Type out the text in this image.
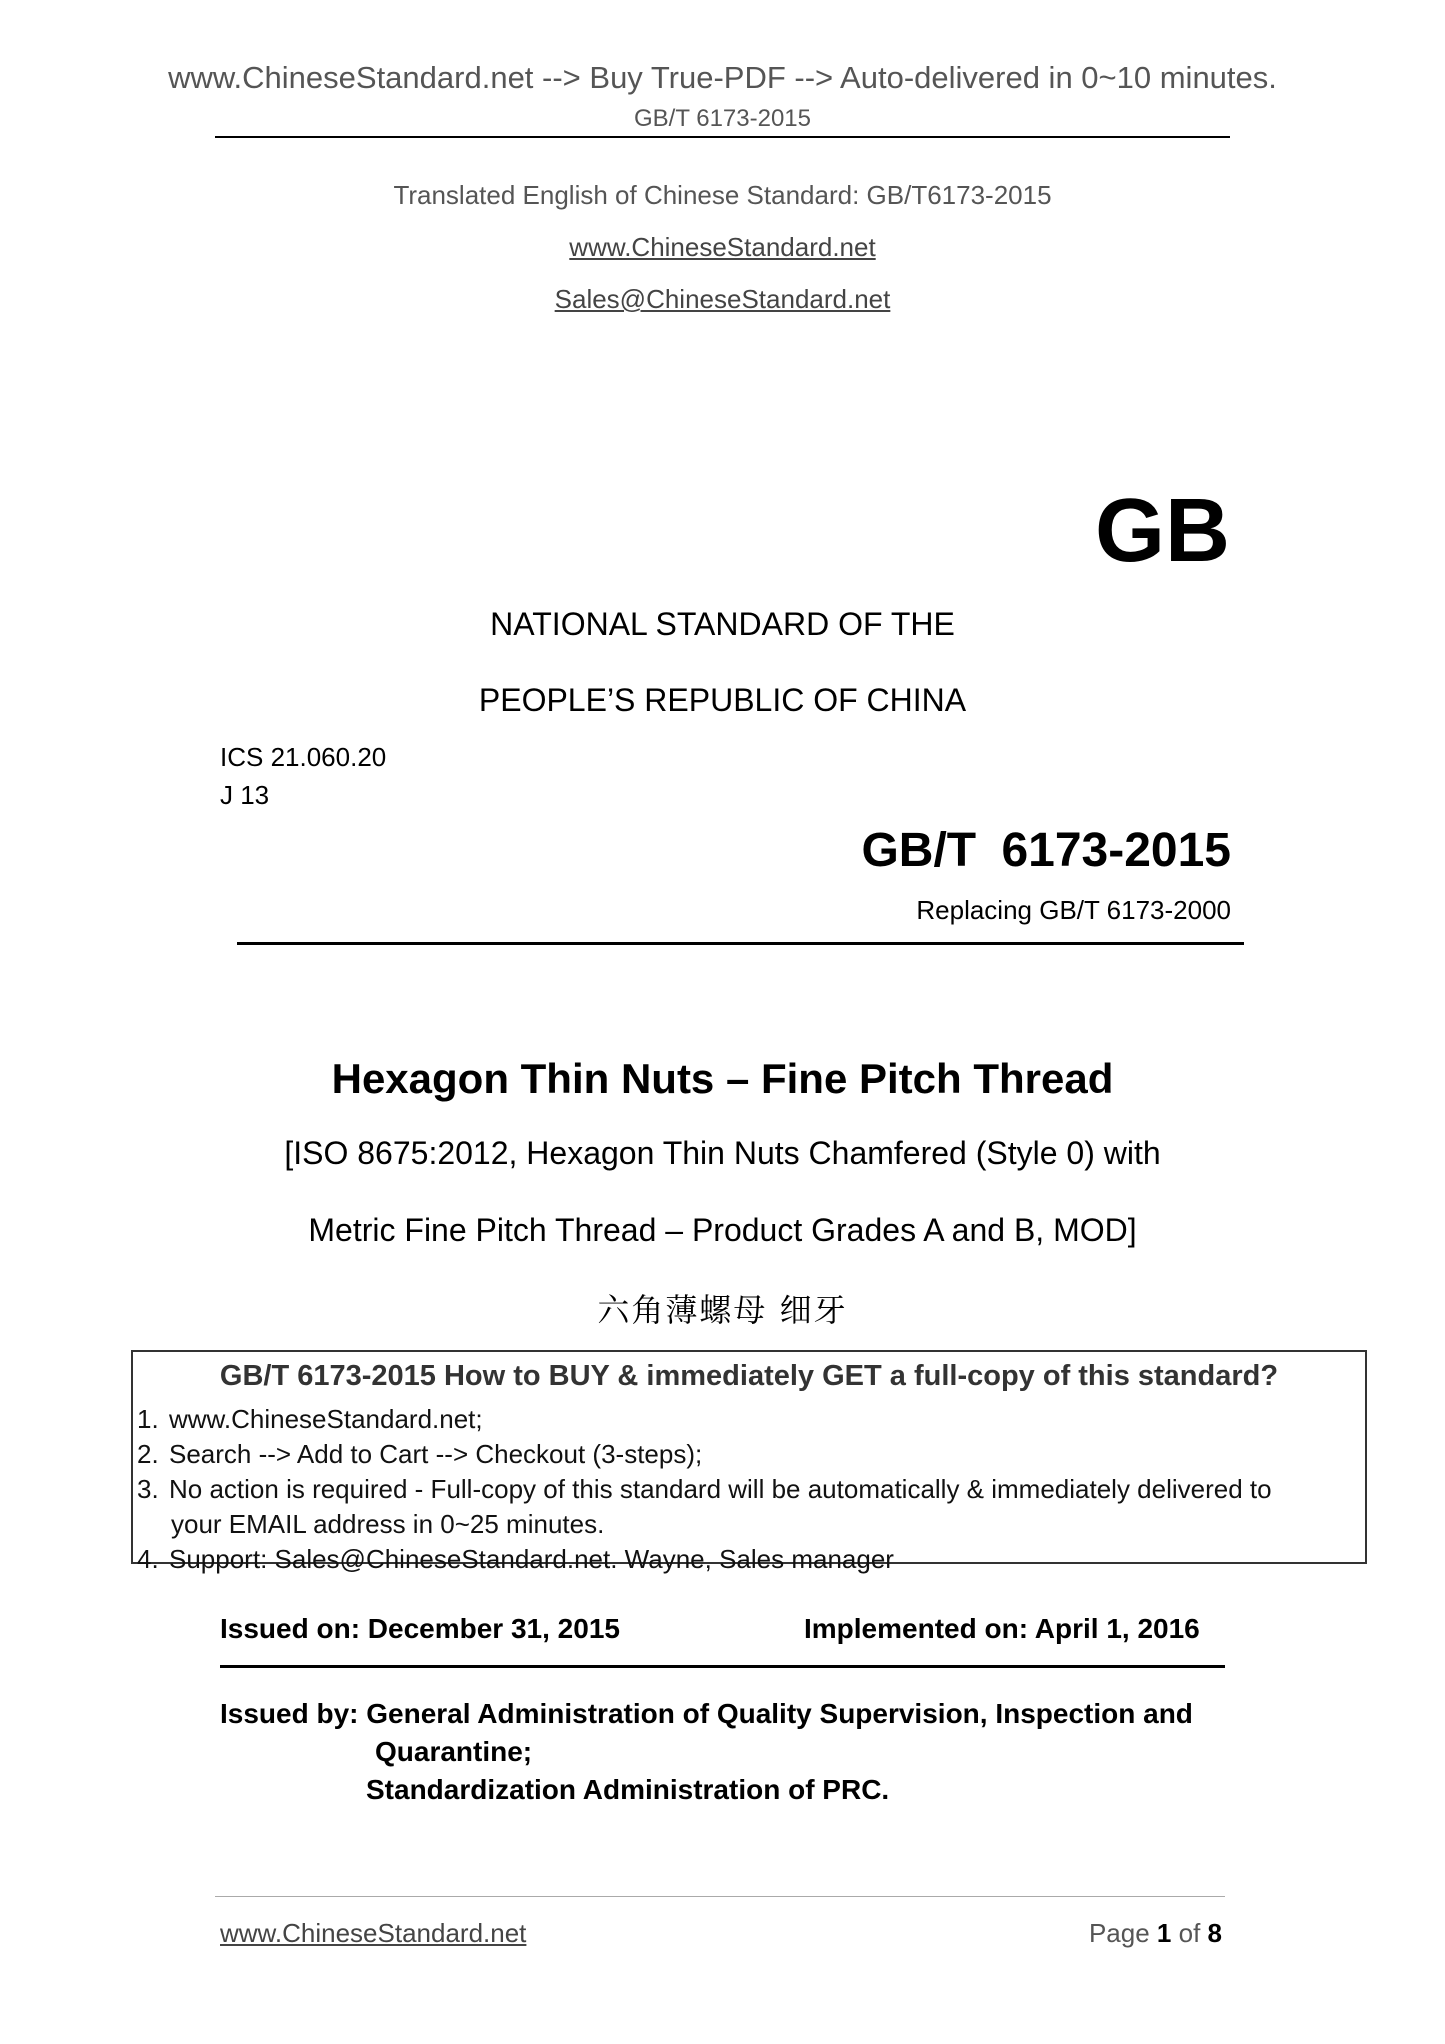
www.ChineseStandard.net --> Buy True-PDF --> Auto-delivered in 0~10 minutes.
GB/T 6173-2015
Translated English of Chinese Standard: GB/T6173-2015
www.ChineseStandard.net
Sales@ChineseStandard.net
GB
NATIONAL STANDARD OF THE
PEOPLE’S REPUBLIC OF CHINA
ICS 21.060.20
J 13
GB/T 6173-2015
Replacing GB/T 6173-2000
Hexagon Thin Nuts – Fine Pitch Thread
[ISO 8675:2012, Hexagon Thin Nuts Chamfered (Style 0) with
Metric Fine Pitch Thread – Product Grades A and B, MOD]
六角薄螺母 细牙
GB/T 6173-2015 How to BUY & immediately GET a full-copy of this standard?
1. www.ChineseStandard.net;
2. Search --> Add to Cart --> Checkout (3-steps);
3. No action is required - Full-copy of this standard will be automatically & immediately delivered to
your EMAIL address in 0~25 minutes.
4. Support: Sales@ChineseStandard.net. Wayne, Sales manager
Issued on: December 31, 2015	Implemented on: April 1, 2016
Issued by: General Administration of Quality Supervision, Inspection and
Quarantine;
Standardization Administration of PRC.
www.ChineseStandard.net	Page 1 of 8
